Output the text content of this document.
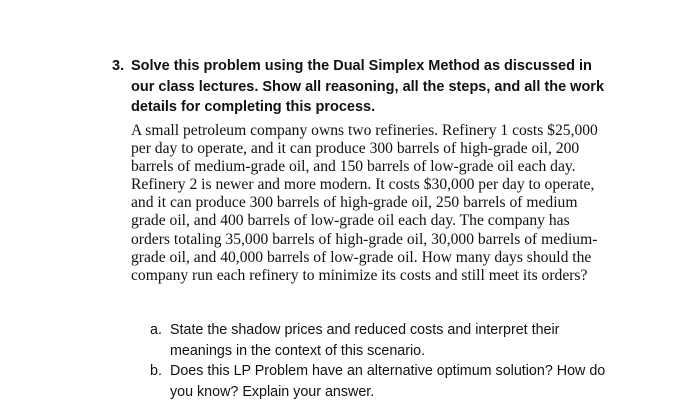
3. Solve this problem using the Dual Simplex Method as discussed in our class lectures. Show all reasoning, all the steps, and all the work details for completing this process.
A small petroleum company owns two refineries. Refinery 1 costs $25,000
per day to operate, and it can produce 300 barrels of high-grade oil, 200
barrels of medium-grade oil, and 150 barrels of low-grade oil each day.
Refinery 2 is newer and more modern. It costs $30,000 per day to operate,
and it can produce 300 barrels of high-grade oil, 250 barrels of medium
grade oil, and 400 barrels of low-grade oil each day. The company has
orders totaling 35,000 barrels of high-grade oil, 30,000 barrels of medium-
grade oil, and 40,000 barrels of low-grade oil. How many days should the
company run each refinery to minimize its costs and still meet its orders?
a. State the shadow prices and reduced costs and interpret their
meanings in the context of this scenario.
b. Does this LP Problem have an alternative optimum solution? How do
you know? Explain your answer.
